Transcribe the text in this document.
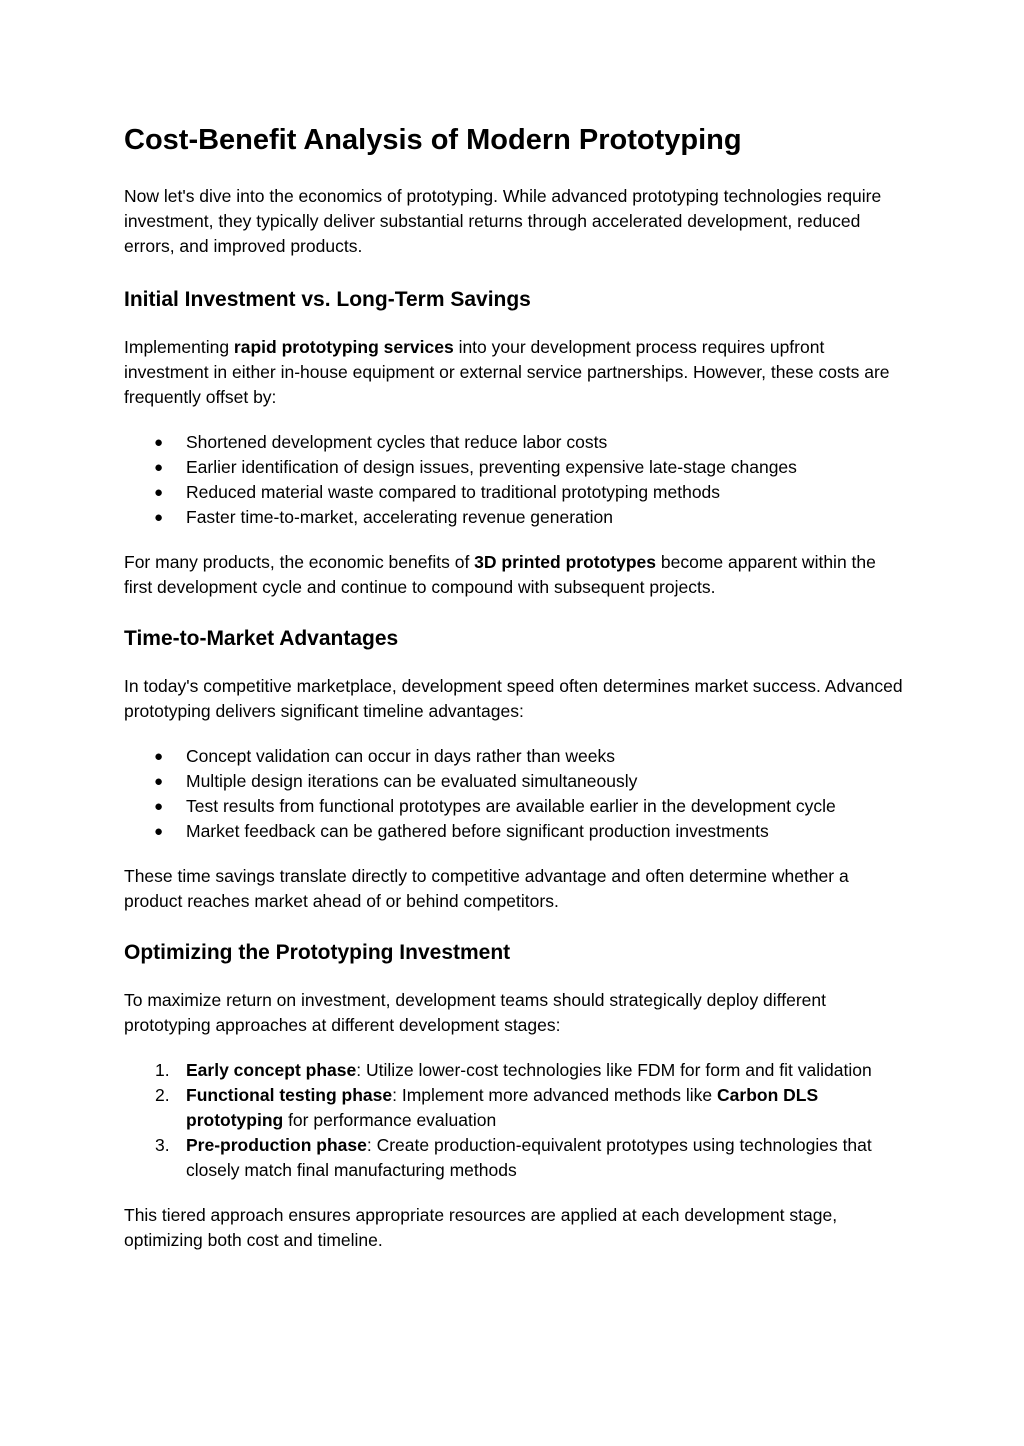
Cost-Benefit Analysis of Modern Prototyping

Now let's dive into the economics of prototyping. While advanced prototyping technologies require investment, they typically deliver substantial returns through accelerated development, reduced errors, and improved products.

Initial Investment vs. Long-Term Savings

Implementing rapid prototyping services into your development process requires upfront investment in either in-house equipment or external service partnerships. However, these costs are frequently offset by:

●	Shortened development cycles that reduce labor costs
●	Earlier identification of design issues, preventing expensive late-stage changes
●	Reduced material waste compared to traditional prototyping methods
●	Faster time-to-market, accelerating revenue generation

For many products, the economic benefits of 3D printed prototypes become apparent within the first development cycle and continue to compound with subsequent projects.

Time-to-Market Advantages

In today's competitive marketplace, development speed often determines market success. Advanced prototyping delivers significant timeline advantages:

●	Concept validation can occur in days rather than weeks
●	Multiple design iterations can be evaluated simultaneously
●	Test results from functional prototypes are available earlier in the development cycle
●	Market feedback can be gathered before significant production investments

These time savings translate directly to competitive advantage and often determine whether a product reaches market ahead of or behind competitors.

Optimizing the Prototyping Investment

To maximize return on investment, development teams should strategically deploy different prototyping approaches at different development stages:

1. Early concept phase: Utilize lower-cost technologies like FDM for form and fit validation
2. Functional testing phase: Implement more advanced methods like Carbon DLS prototyping for performance evaluation
3. Pre-production phase: Create production-equivalent prototypes using technologies that closely match final manufacturing methods

This tiered approach ensures appropriate resources are applied at each development stage, optimizing both cost and timeline.
